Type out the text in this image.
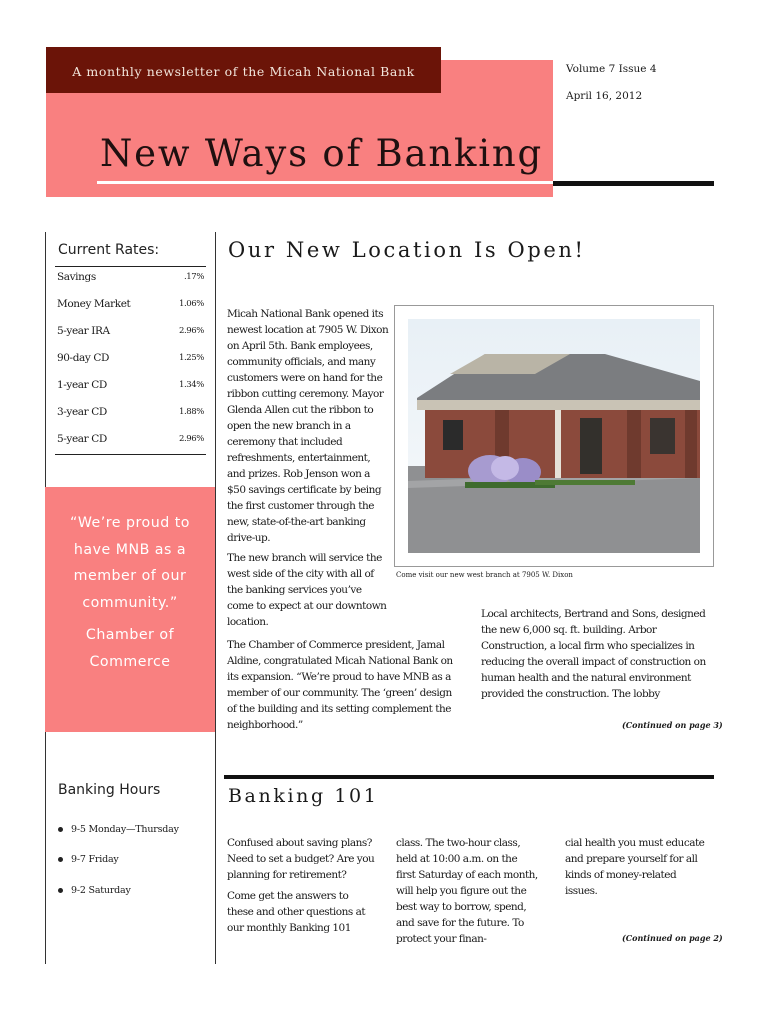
A monthly newsletter of the Micah National Bank
New Ways of Banking
Volume 7 Issue 4
April 16, 2012
Current Rates:
Savings	.17%
Money Market	1.06%
5-year IRA	2.96%
90-day CD	1.25%
1-year CD	1.34%
3-year CD	1.88%
5-year CD	2.96%
“We’re proud to have MNB as a member of our community.”
Chamber of Commerce
Banking Hours
9-5 Monday—Thursday
9-7 Friday
9-2 Saturday
Our New Location Is Open!

Micah National Bank opened its newest location at 7905 W. Dixon on April 5th. Bank employees, community officials, and many customers were on hand for the ribbon cutting ceremony. Mayor Glenda Allen cut the ribbon to open the new branch in a ceremony that included refreshments, entertainment, and prizes. Rob Jenson won a $50 savings certificate by being the first customer through the new, state-of-the-art banking drive-up.

The new branch will service the west side of the city with all of the banking services you’ve come to expect at our downtown location.

The Chamber of Commerce president, Jamal Aldine, congratulated Micah National Bank on its expansion. “We’re proud to have MNB as a member of our community. The ‘green’ design of the building and its setting complement the neighborhood.”

Come visit our new west branch at 7905 W. Dixon

Local architects, Bertrand and Sons, designed the new 6,000 sq. ft. building. Arbor Construction, a local firm who specializes in reducing the overall impact of construction on human health and the natural environment provided the construction. The lobby

(Continued on page 3)
Banking 101

Confused about saving plans? Need to set a budget? Are you planning for retirement?

Come get the answers to these and other questions at our monthly Banking 101

class. The two-hour class, held at 10:00 a.m. on the first Saturday of each month, will help you figure out the best way to borrow, spend, and save for the future. To protect your finan-

cial health you must educate and prepare yourself for all kinds of money-related issues.

(Continued on page 2)
